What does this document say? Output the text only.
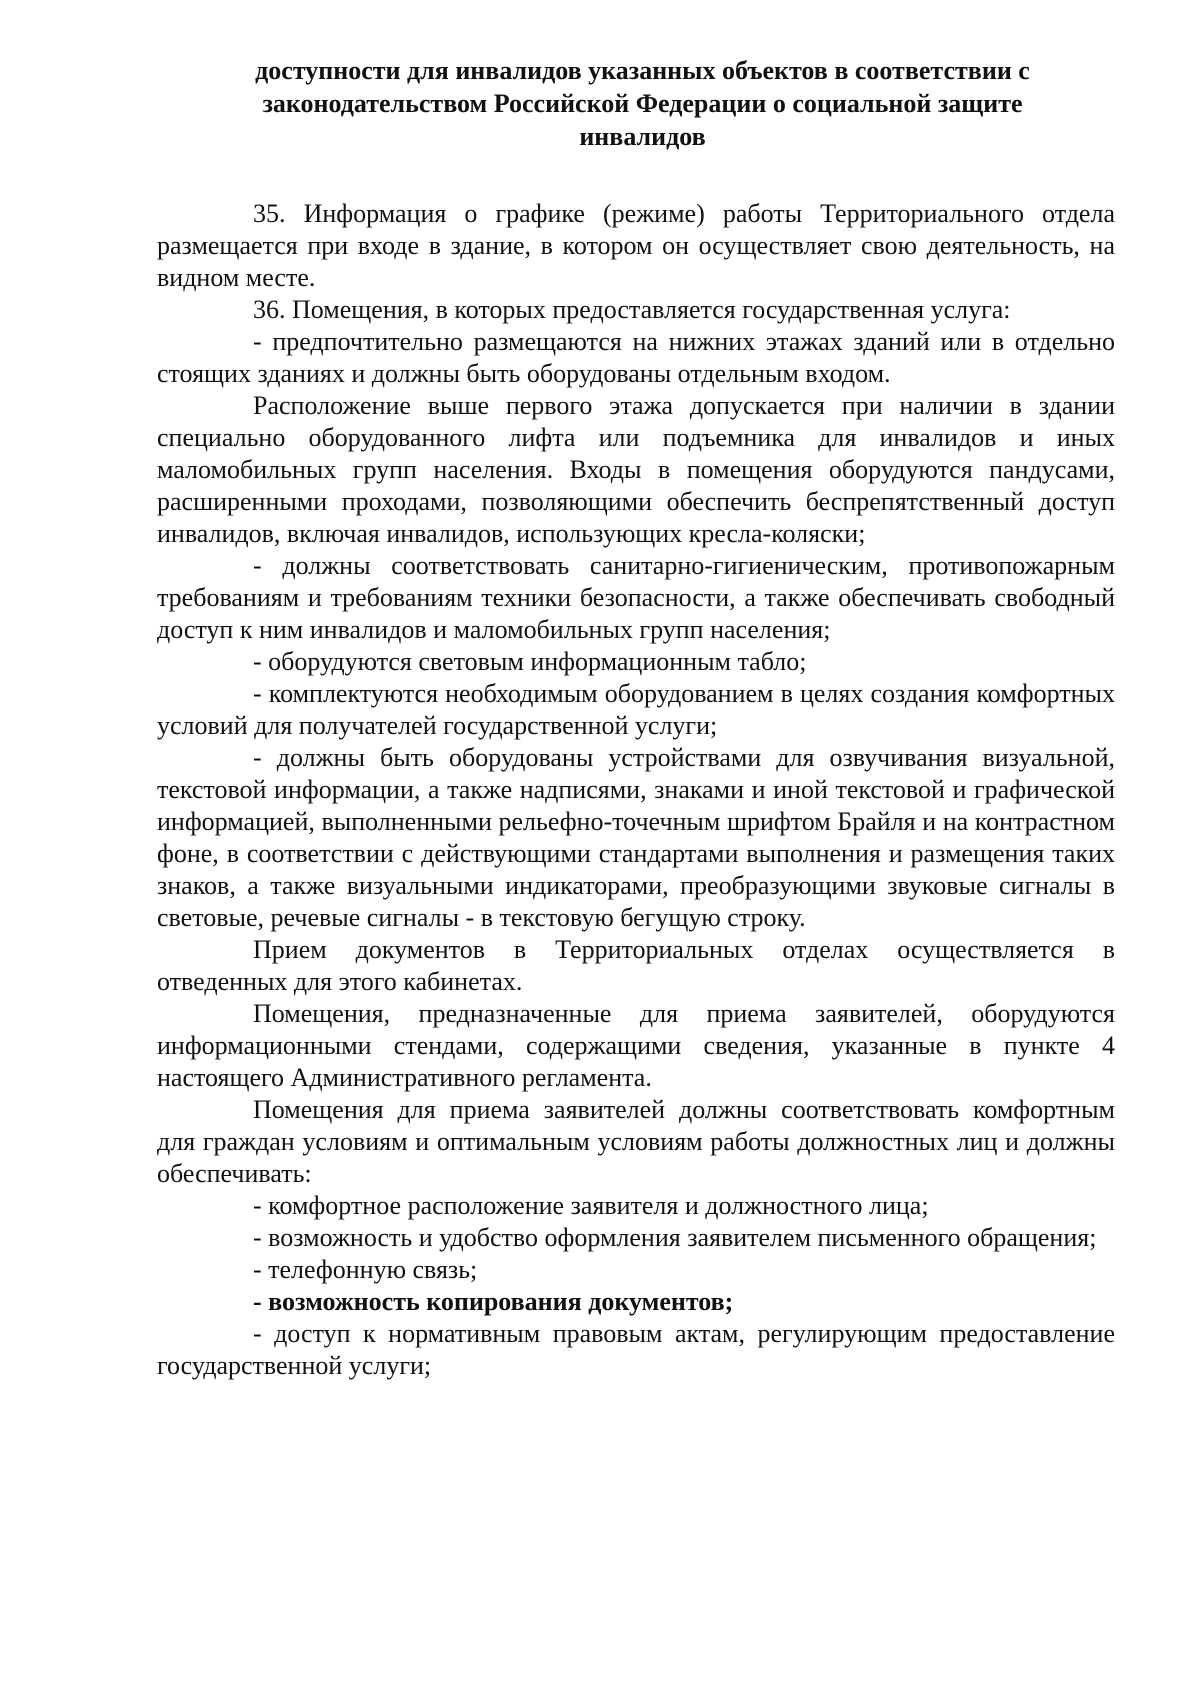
доступности для инвалидов указанных объектов в соответствии с
законодательством Российской Федерации о социальной защите
инвалидов

35. Информация о графике (режиме) работы Территориального отдела размещается при входе в здание, в котором он осуществляет свою деятельность, на видном месте.

36. Помещения, в которых предоставляется государственная услуга:

- предпочтительно размещаются на нижних этажах зданий или в отдельно стоящих зданиях и должны быть оборудованы отдельным входом.

Расположение выше первого этажа допускается при наличии в здании специально оборудованного лифта или подъемника для инвалидов и иных маломобильных групп населения. Входы в помещения оборудуются пандусами, расширенными проходами, позволяющими обеспечить беспрепятственный доступ инвалидов, включая инвалидов, использующих кресла-коляски;

- должны соответствовать санитарно-гигиеническим, противопожарным требованиям и требованиям техники безопасности, а также обеспечивать свободный доступ к ним инвалидов и маломобильных групп населения;

- оборудуются световым информационным табло;

- комплектуются необходимым оборудованием в целях создания комфортных условий для получателей государственной услуги;

- должны быть оборудованы устройствами для озвучивания визуальной, текстовой информации, а также надписями, знаками и иной текстовой и графической информацией, выполненными рельефно-точечным шрифтом Брайля и на контрастном фоне, в соответствии с действующими стандартами выполнения и размещения таких знаков, а также визуальными индикаторами, преобразующими звуковые сигналы в световые, речевые сигналы - в текстовую бегущую строку.

Прием документов в Территориальных отделах осуществляется в отведенных для этого кабинетах.

Помещения, предназначенные для приема заявителей, оборудуются информационными стендами, содержащими сведения, указанные в пункте 4 настоящего Административного регламента.

Помещения для приема заявителей должны соответствовать комфортным для граждан условиям и оптимальным условиям работы должностных лиц и должны обеспечивать:

- комфортное расположение заявителя и должностного лица;

- возможность и удобство оформления заявителем письменного обращения;

- телефонную связь;

- возможность копирования документов;

- доступ к нормативным правовым актам, регулирующим предоставление государственной услуги;
